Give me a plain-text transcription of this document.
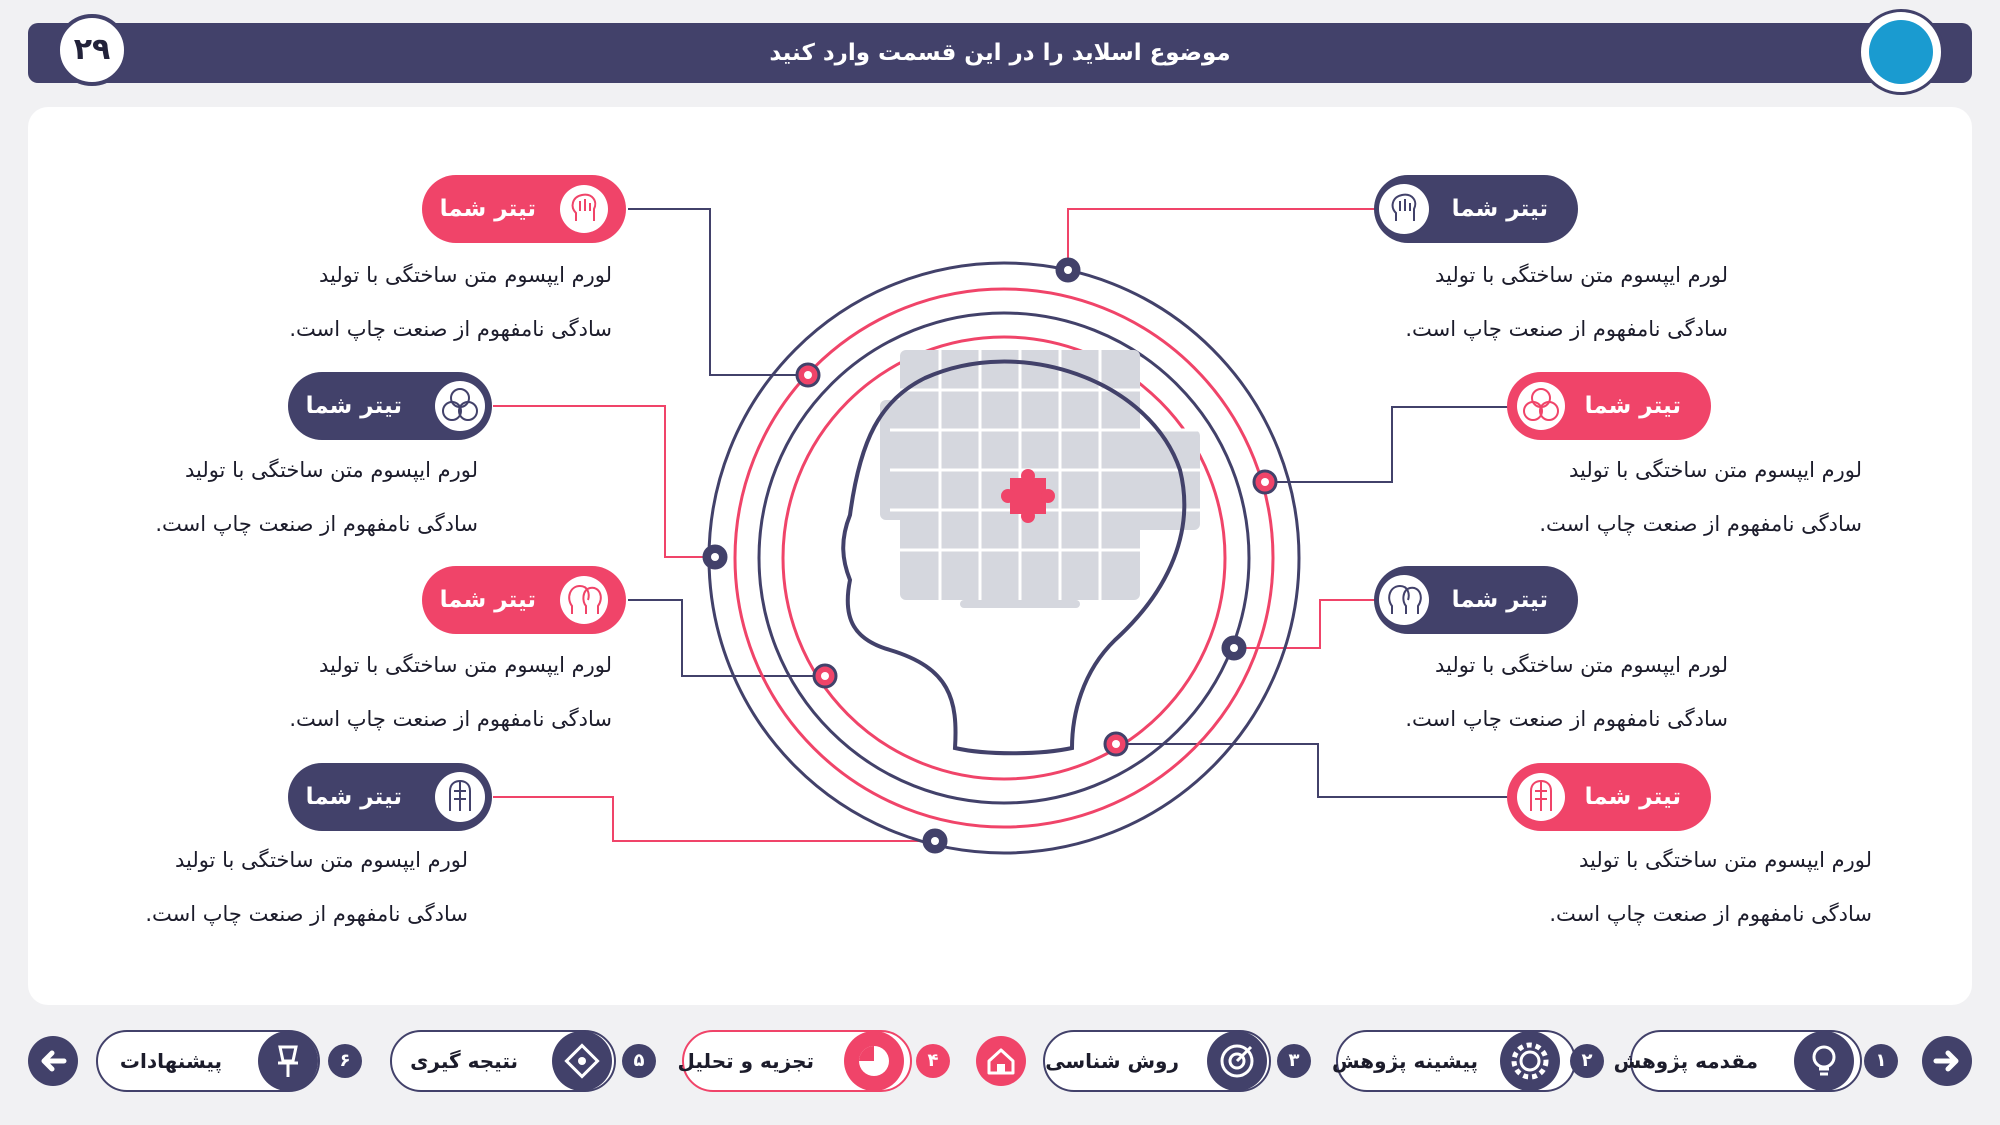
موضوع اسلاید را در این قسمت وارد کنید
۲۹
تیتر شما
تیتر شما
تیتر شما
تیتر شما
تیتر شما
تیتر شما
تیتر شما
تیتر شما
لورم ایپسوم متن ساختگی با تولید
سادگی نامفهوم از صنعت چاپ است.
لورم ایپسوم متن ساختگی با تولید
سادگی نامفهوم از صنعت چاپ است.
لورم ایپسوم متن ساختگی با تولید
سادگی نامفهوم از صنعت چاپ است.
لورم ایپسوم متن ساختگی با تولید
سادگی نامفهوم از صنعت چاپ است.
لورم ایپسوم متن ساختگی با تولید
سادگی نامفهوم از صنعت چاپ است.
لورم ایپسوم متن ساختگی با تولید
سادگی نامفهوم از صنعت چاپ است.
لورم ایپسوم متن ساختگی با تولید
سادگی نامفهوم از صنعت چاپ است.
لورم ایپسوم متن ساختگی با تولید
سادگی نامفهوم از صنعت چاپ است.
مقدمه پژوهش	۱
پیشینه پژوهش	۲
روش شناسی	۳
تجزیه و تحلیل	۴
نتیجه گیری	۵
پیشنهادات	۶
